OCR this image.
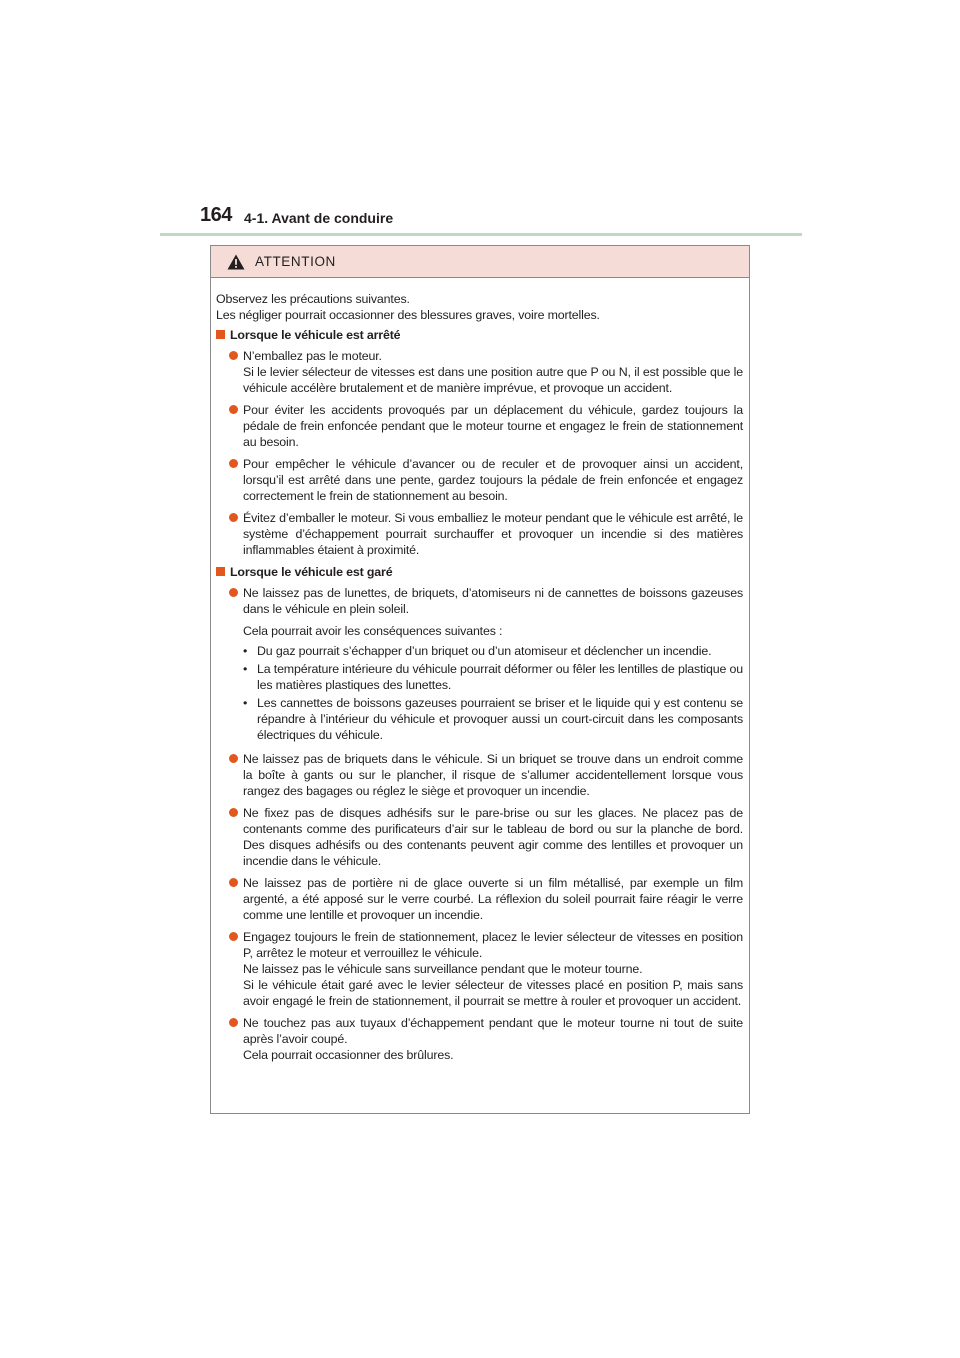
164 4-1. Avant de conduire
ATTENTION

Observez les précautions suivantes.

Les négliger pourrait occasionner des blessures graves, voire mortelles.

Lorsque le véhicule est arrêté

N’emballez pas le moteur.
Si le levier sélecteur de vitesses est dans une position autre que P ou N, il est possible que le véhicule accélère brutalement et de manière imprévue, et provoque un accident.

Pour éviter les accidents provoqués par un déplacement du véhicule, gardez toujours la pédale de frein enfoncée pendant que le moteur tourne et engagez le frein de stationnement au besoin.

Pour empêcher le véhicule d’avancer ou de reculer et de provoquer ainsi un accident, lorsqu’il est arrêté dans une pente, gardez toujours la pédale de frein enfoncée et engagez correctement le frein de stationnement au besoin.

Évitez d’emballer le moteur. Si vous emballiez le moteur pendant que le véhicule est arrêté, le système d’échappement pourrait surchauffer et provoquer un incendie si des matières inflammables étaient à proximité.

Lorsque le véhicule est garé

Ne laissez pas de lunettes, de briquets, d’atomiseurs ni de cannettes de boissons gazeuses dans le véhicule en plein soleil.

Cela pourrait avoir les conséquences suivantes :

• Du gaz pourrait s’échapper d’un briquet ou d’un atomiseur et déclencher un incendie.
• La température intérieure du véhicule pourrait déformer ou fêler les lentilles de plastique ou les matières plastiques des lunettes.
• Les cannettes de boissons gazeuses pourraient se briser et le liquide qui y est contenu se répandre à l’intérieur du véhicule et provoquer aussi un court-circuit dans les composants électriques du véhicule.

Ne laissez pas de briquets dans le véhicule. Si un briquet se trouve dans un endroit comme la boîte à gants ou sur le plancher, il risque de s’allumer accidentellement lorsque vous rangez des bagages ou réglez le siège et provoquer un incendie.

Ne fixez pas de disques adhésifs sur le pare-brise ou sur les glaces. Ne placez pas de contenants comme des purificateurs d’air sur le tableau de bord ou sur la planche de bord. Des disques adhésifs ou des contenants peuvent agir comme des lentilles et provoquer un incendie dans le véhicule.

Ne laissez pas de portière ni de glace ouverte si un film métallisé, par exemple un film argenté, a été apposé sur le verre courbé. La réflexion du soleil pourrait faire réagir le verre comme une lentille et provoquer un incendie.

Engagez toujours le frein de stationnement, placez le levier sélecteur de vitesses en position P, arrêtez le moteur et verrouillez le véhicule.
Ne laissez pas le véhicule sans surveillance pendant que le moteur tourne.
Si le véhicule était garé avec le levier sélecteur de vitesses placé en position P, mais sans avoir engagé le frein de stationnement, il pourrait se mettre à rouler et provoquer un accident.

Ne touchez pas aux tuyaux d’échappement pendant que le moteur tourne ni tout de suite après l’avoir coupé.
Cela pourrait occasionner des brûlures.
